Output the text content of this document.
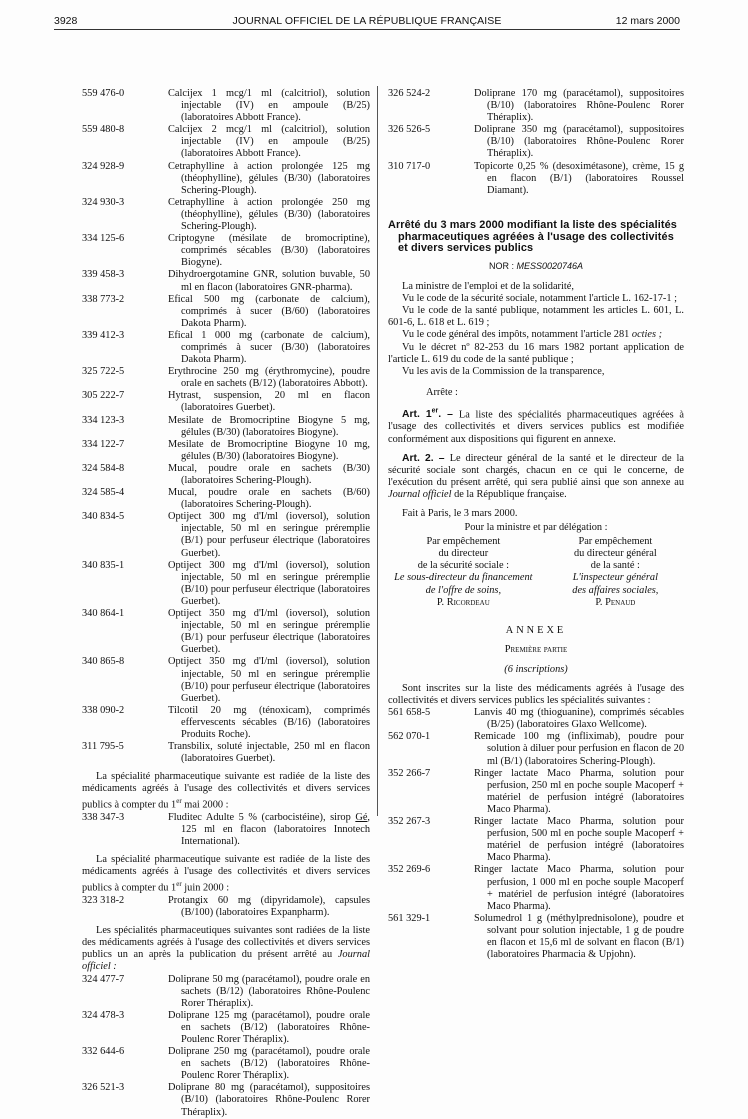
3928	JOURNAL OFFICIEL DE LA RÉPUBLIQUE FRANÇAISE	12 mars 2000
559 476-0	Calcijex 1 mcg/1 ml (calcitriol), solution injectable (IV) en ampoule (B/25) (laboratoires Abbott France).
559 480-8	Calcijex 2 mcg/1 ml (calcitriol), solution injectable (IV) en ampoule (B/25) (laboratoires Abbott France).
324 928-9	Cetraphylline à action prolongée 125 mg (théophylline), gélules (B/30) (laboratoires Schering-Plough).
324 930-3	Cetraphylline à action prolongée 250 mg (théophylline), gélules (B/30) (laboratoires Schering-Plough).
334 125-6	Criptogyne (mésilate de bromocriptine), comprimés sécables (B/30) (laboratoires Biogyne).
339 458-3	Dihydroergotamine GNR, solution buvable, 50 ml en flacon (laboratoires GNR-pharma).
338 773-2	Efical 500 mg (carbonate de calcium), comprimés à sucer (B/60) (laboratoires Dakota Pharm).
339 412-3	Efical 1 000 mg (carbonate de calcium), comprimés à sucer (B/30) (laboratoires Dakota Pharm).
325 722-5	Erythrocine 250 mg (érythromycine), poudre orale en sachets (B/12) (laboratoires Abbott).
305 222-7	Hytrast, suspension, 20 ml en flacon (laboratoires Guerbet).
334 123-3	Mesilate de Bromocriptine Biogyne 5 mg, gélules (B/30) (laboratoires Biogyne).
334 122-7	Mesilate de Bromocriptine Biogyne 10 mg, gélules (B/30) (laboratoires Biogyne).
324 584-8	Mucal, poudre orale en sachets (B/30) (laboratoires Schering-Plough).
324 585-4	Mucal, poudre orale en sachets (B/60) (laboratoires Schering-Plough).
340 834-5	Optiject 300 mg d'I/ml (ioversol), solution injectable, 50 ml en seringue préremplie (B/1) pour perfuseur électrique (laboratoires Guerbet).
340 835-1	Optiject 300 mg d'I/ml (ioversol), solution injectable, 50 ml en seringue préremplie (B/10) pour perfuseur électrique (laboratoires Guerbet).
340 864-1	Optiject 350 mg d'I/ml (ioversol), solution injectable, 50 ml en seringue préremplie (B/1) pour perfuseur électrique (laboratoires Guerbet).
340 865-8	Optiject 350 mg d'I/ml (ioversol), solution injectable, 50 ml en seringue préremplie (B/10) pour perfuseur électrique (laboratoires Guerbet).
338 090-2	Tilcotil 20 mg (ténoxicam), comprimés effervescents sécables (B/16) (laboratoires Produits Roche).
311 795-5	Transbilix, soluté injectable, 250 ml en flacon (laboratoires Guerbet).

La spécialité pharmaceutique suivante est radiée de la liste des médicaments agréés à l'usage des collectivités et divers services publics à compter du 1er mai 2000 :

338 347-3	Fluditec Adulte 5 % (carbocistéine), sirop Gé, 125 ml en flacon (laboratoires Innotech International).

La spécialité pharmaceutique suivante est radiée de la liste des médicaments agréés à l'usage des collectivités et divers services publics à compter du 1er juin 2000 :

323 318-2	Protangix 60 mg (dipyridamole), capsules (B/100) (laboratoires Expanpharm).

Les spécialités pharmaceutiques suivantes sont radiées de la liste des médicaments agréés à l'usage des collectivités et divers services publics un an après la publication du présent arrêté au Journal officiel :

324 477-7	Doliprane 50 mg (paracétamol), poudre orale en sachets (B/12) (laboratoires Rhône-Poulenc Rorer Théraplix).
324 478-3	Doliprane 125 mg (paracétamol), poudre orale en sachets (B/12) (laboratoires Rhône-Poulenc Rorer Théraplix).
332 644-6	Doliprane 250 mg (paracétamol), poudre orale en sachets (B/12) (laboratoires Rhône-Poulenc Rorer Théraplix).
326 521-3	Doliprane 80 mg (paracétamol), suppositoires (B/10) (laboratoires Rhône-Poulenc Rorer Théraplix).
326 524-2	Doliprane 170 mg (paracétamol), suppositoires (B/10) (laboratoires Rhône-Poulenc Rorer Théraplix).
326 526-5	Doliprane 350 mg (paracétamol), suppositoires (B/10) (laboratoires Rhône-Poulenc Rorer Théraplix).
310 717-0	Topicorte 0,25 % (desoximétasone), crème, 15 g en flacon (B/1) (laboratoires Roussel Diamant).
Arrêté du 3 mars 2000 modifiant la liste des spécialités pharmaceutiques agréées à l'usage des collectivités et divers services publics
NOR : MESS0020746A

La ministre de l'emploi et de la solidarité,

Vu le code de la sécurité sociale, notamment l'article L. 162-17-1 ;

Vu le code de la santé publique, notamment les articles L. 601, L. 601-6, L. 618 et L. 619 ;

Vu le code général des impôts, notamment l'article 281 octies ;

Vu le décret nº 82-253 du 16 mars 1982 portant application de l'article L. 619 du code de la santé publique ;

Vu les avis de la Commission de la transparence,

Arrête :

Art. 1er. – La liste des spécialités pharmaceutiques agréées à l'usage des collectivités et divers services publics est modifiée conformément aux dispositions qui figurent en annexe.

Art. 2. – Le directeur général de la santé et le directeur de la sécurité sociale sont chargés, chacun en ce qui le concerne, de l'exécution du présent arrêté, qui sera publié ainsi que son annexe au Journal officiel de la République française.

Fait à Paris, le 3 mars 2000.

Pour la ministre et par délégation :

Par empêchement
du directeur
de la sécurité sociale :
Le sous-directeur du financement
de l'offre de soins,
P. Ricordeau
Par empêchement
du directeur général
de la santé :
L'inspecteur général
des affaires sociales,
P. Penaud

ANNEXE

Première partie

(6 inscriptions)

Sont inscrites sur la liste des médicaments agréés à l'usage des collectivités et divers services publics les spécialités suivantes :

561 658-5	Lanvis 40 mg (thioguanine), comprimés sécables (B/25) (laboratoires Glaxo Wellcome).
562 070-1	Remicade 100 mg (infliximab), poudre pour solution à diluer pour perfusion en flacon de 20 ml (B/1) (laboratoires Schering-Plough).
352 266-7	Ringer lactate Maco Pharma, solution pour perfusion, 250 ml en poche souple Macoperf + matériel de perfusion intégré (laboratoires Maco Pharma).
352 267-3	Ringer lactate Maco Pharma, solution pour perfusion, 500 ml en poche souple Macoperf + matériel de perfusion intégré (laboratoires Maco Pharma).
352 269-6	Ringer lactate Maco Pharma, solution pour perfusion, 1 000 ml en poche souple Macoperf + matériel de perfusion intégré (laboratoires Maco Pharma).
561 329-1	Solumedrol 1 g (méthylprednisolone), poudre et solvant pour solution injectable, 1 g de poudre en flacon et 15,6 ml de solvant en flacon (B/1) (laboratoires Pharmacia & Upjohn).
